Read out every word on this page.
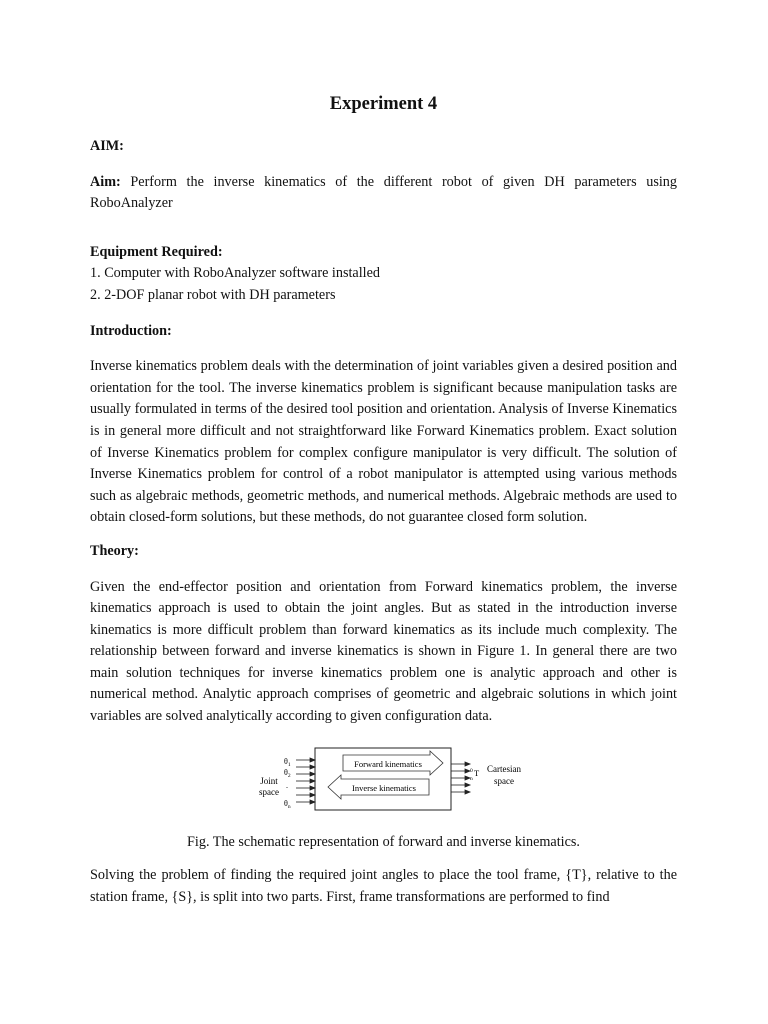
Experiment 4
AIM:

Aim: Perform the inverse kinematics of the different robot of given DH parameters using RoboAnalyzer

Equipment Required:
1. Computer with RoboAnalyzer software installed
2. 2-DOF planar robot with DH parameters
Introduction:

Inverse kinematics problem deals with the determination of joint variables given a desired position and orientation for the tool. The inverse kinematics problem is significant because manipulation tasks are usually formulated in terms of the desired tool position and orientation. Analysis of Inverse Kinematics is in general more difficult and not straightforward like Forward Kinematics problem. Exact solution of Inverse Kinematics problem for complex configure manipulator is very difficult. The solution of Inverse Kinematics problem for control of a robot manipulator is attempted using various methods such as algebraic methods, geometric methods, and numerical methods. Algebraic methods are used to obtain closed-form solutions, but these methods, do not guarantee closed form solution.

Theory:

Given the end-effector position and orientation from Forward kinematics problem, the inverse kinematics approach is used to obtain the joint angles. But as stated in the introduction inverse kinematics is more difficult problem than forward kinematics as its include much complexity. The relationship between forward and inverse kinematics is shown in Figure 1. In general there are two main solution techniques for inverse kinematics problem one is analytic approach and other is numerical method. Analytic approach comprises of geometric and algebraic solutions in which joint variables are solved analytically according to given configuration data.

Joint
space
$\theta_1$
$\theta_2$
.
$\theta_n$
Forward kinematics
Inverse kinematics
0 T
n
Cartesian
space
Fig. The schematic representation of forward and inverse kinematics.

Solving the problem of finding the required joint angles to place the tool frame, {T}, relative to the station frame, {S}, is split into two parts. First, frame transformations are performed to find
